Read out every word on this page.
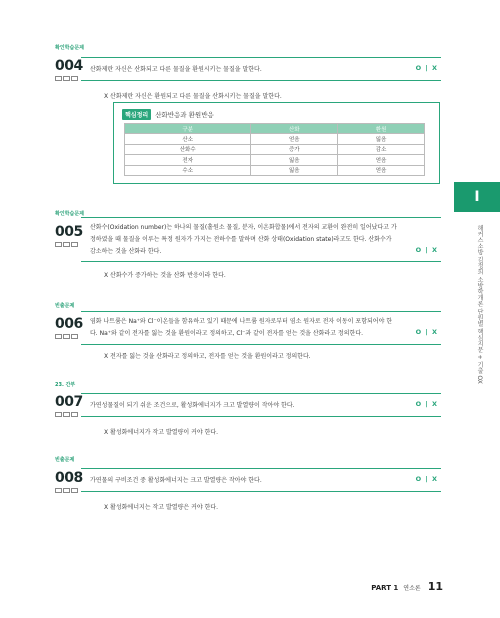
확인학습문제
004 산화제란 자신은 산화되고 다른 물질을 환원시키는 물질을 말한다.	O | X
X 산화제란 자신은 환원되고 다른 물질을 산화시키는 물질을 말한다.
핵심정리	산화반응과 환원반응
구분	산화	환원
산소	얻음	잃음
산화수	증가	감소
전자	잃음	얻음
수소	잃음	얻음
확인학습문제
005 산화수(Oxidation number)는 하나의 물질(홑원소 물질, 분자, 이온화합물)에서 전자의 교환이 완전히 일어났다고 가
정하였을 때 물질을 이루는 특정 원자가 가지는 전하수를 말하며 산화 상태(Oxidation state)라고도 한다. 산화수가
감소하는 것을 산화라 한다.	O | X
X 산화수가 증가하는 것을 산화 반응이라 한다.
빈출문제
006 염화 나트륨은 Na⁺와 Cl⁻이온들을 함유하고 있기 때문에 나트륨 원자로부터 염소 원자로 전자 이동이 포함되어야 한
다. Na⁺와 같이 전자를 잃는 것을 환원이라고 정의하고, Cl⁻과 같이 전자를 얻는 것을 산화라고 정의한다.	O | X
X 전자를 잃는 것을 산화라고 정의하고, 전자를 얻는 것을 환원이라고 정의한다.
23. 간부
007 가연성물질이 되기 쉬운 조건으로, 활성화에너지가 크고 발열량이 작아야 한다.	O | X
X 활성화에너지가 작고 발열량이 커야 한다.
빈출문제
008 가연물의 구비조건 중 활성화에너지는 크고 발열량은 작아야 한다.	O | X
X 활성화에너지는 작고 발열량은 커야 한다.
I
해커스소방 김정희 소방학개론 단원별 핵심지문 + 기출 OX
PART 1 연소론 11
